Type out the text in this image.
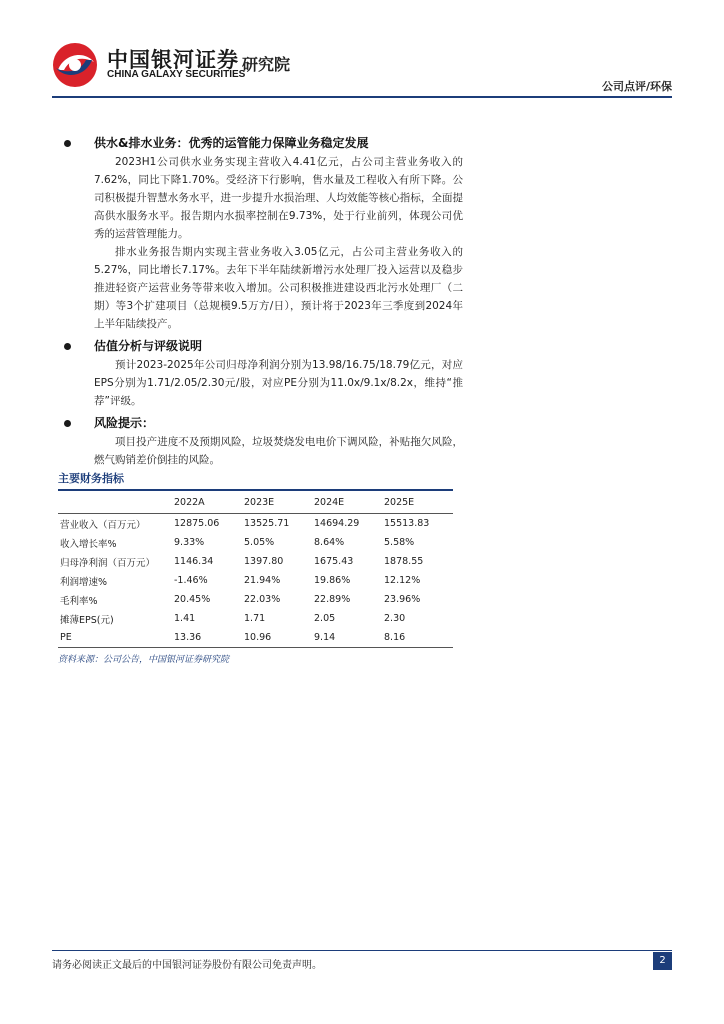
中国银河证券
CHINA GALAXY SECURITIES
研究院
公司点评/环保
供水&排水业务：优秀的运管能力保障业务稳定发展

2023H1公司供水业务实现主营收入4.41亿元，占公司主营业务收入的7.62%，同比下降1.70%。受经济下行影响，售水量及工程收入有所下降。公司积极提升智慧水务水平，进一步提升水损治理、人均效能等核心指标，全面提高供水服务水平。报告期内水损率控制在9.73%，处于行业前列，体现公司优秀的运营管理能力。

排水业务报告期内实现主营业务收入3.05亿元，占公司主营业务收入的5.27%，同比增长7.17%。去年下半年陆续新增污水处理厂投入运营以及稳步推进轻资产运营业务等带来收入增加。公司积极推进建设西北污水处理厂（二期）等3个扩建项目（总规模9.5万方/日），预计将于2023年三季度到2024年上半年陆续投产。

估值分析与评级说明

预计2023-2025年公司归母净利润分别为13.98/16.75/18.79亿元，对应EPS分别为1.71/2.05/2.30元/股，对应PE分别为11.0x/9.1x/8.2x，维持“推荐”评级。

风险提示：

项目投产进度不及预期风险，垃圾焚烧发电电价下调风险，补贴拖欠风险，燃气购销差价倒挂的风险。

主要财务指标
	2022A	2023E	2024E	2025E
营业收入（百万元）	12875.06	13525.71	14694.29	15513.83
收入增长率%	9.33%	5.05%	8.64%	5.58%
归母净利润（百万元）	1146.34	1397.80	1675.43	1878.55
利润增速%	-1.46%	21.94%	19.86%	12.12%
毛利率%	20.45%	22.03%	22.89%	23.96%
摊薄EPS(元)	1.41	1.71	2.05	2.30
PE	13.36	10.96	9.14	8.16
资料来源：公司公告，中国银河证券研究院
请务必阅读正文最后的中国银河证券股份有限公司免责声明。	2
